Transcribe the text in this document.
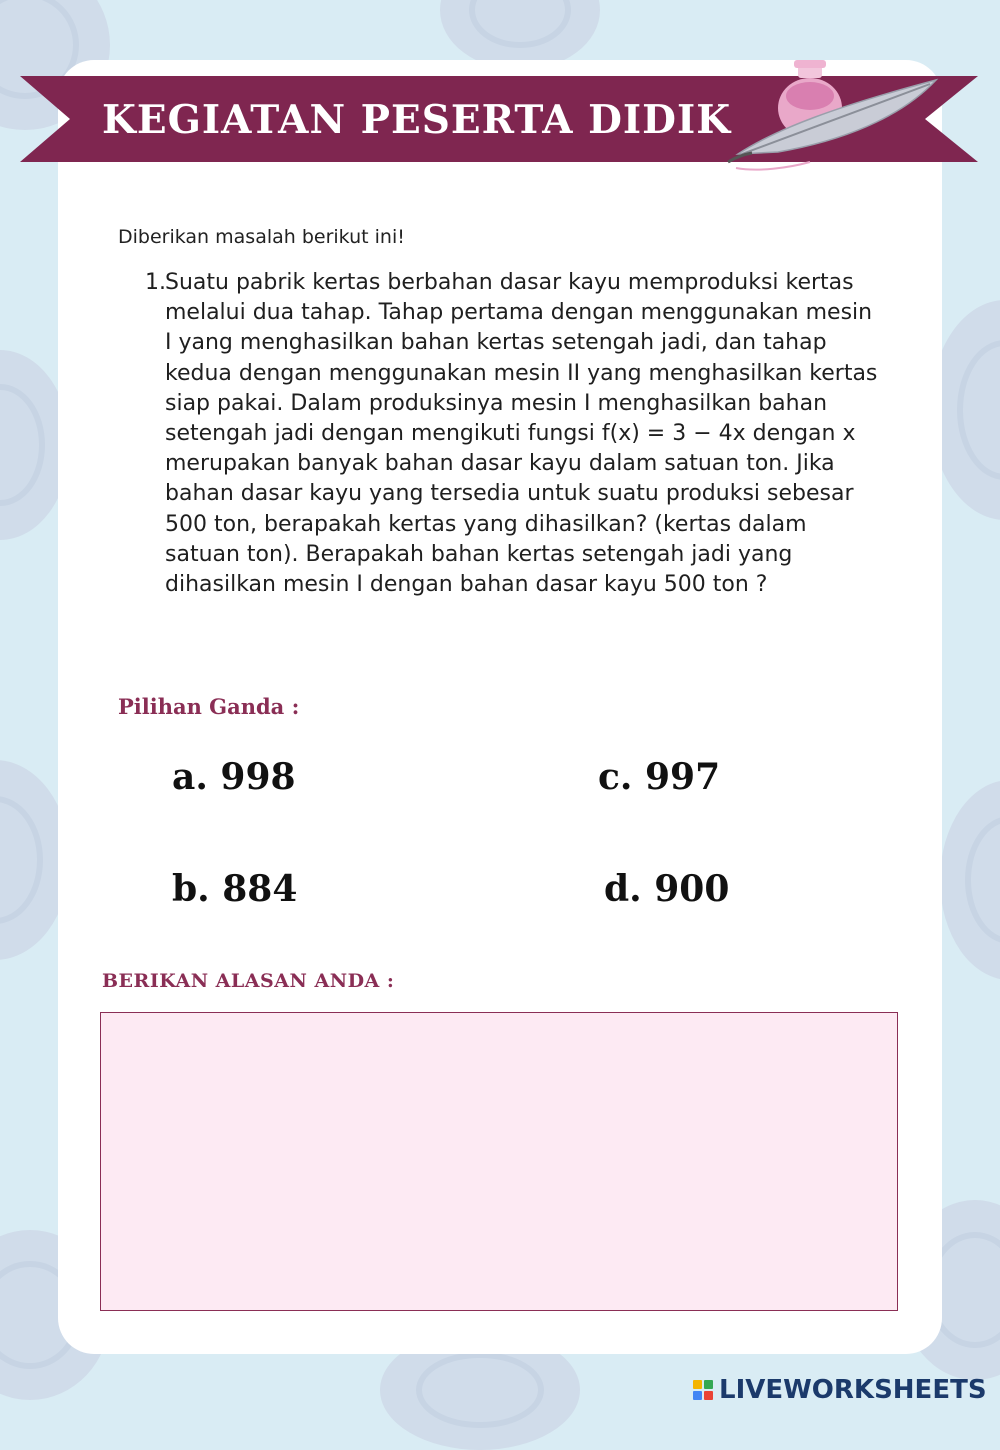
KEGIATAN PESERTA DIDIK
Diberikan masalah berikut ini!
1. Suatu pabrik kertas berbahan dasar kayu memproduksi kertas melalui dua tahap. Tahap pertama dengan menggunakan mesin I yang menghasilkan bahan kertas setengah jadi, dan tahap kedua dengan menggunakan mesin II yang menghasilkan kertas siap pakai. Dalam produksinya mesin I menghasilkan bahan setengah jadi dengan mengikuti fungsi f(x) = 3 − 4x dengan x merupakan banyak bahan dasar kayu dalam satuan ton. Jika bahan dasar kayu yang tersedia untuk suatu produksi sebesar 500 ton, berapakah kertas yang dihasilkan? (kertas dalam satuan ton). Berapakah bahan kertas setengah jadi yang dihasilkan mesin I dengan bahan dasar kayu 500 ton ?
Pilihan Ganda :
a. 998	c. 997
b. 884	d. 900
BERIKAN ALASAN ANDA :
LIVEWORKSHEETS
